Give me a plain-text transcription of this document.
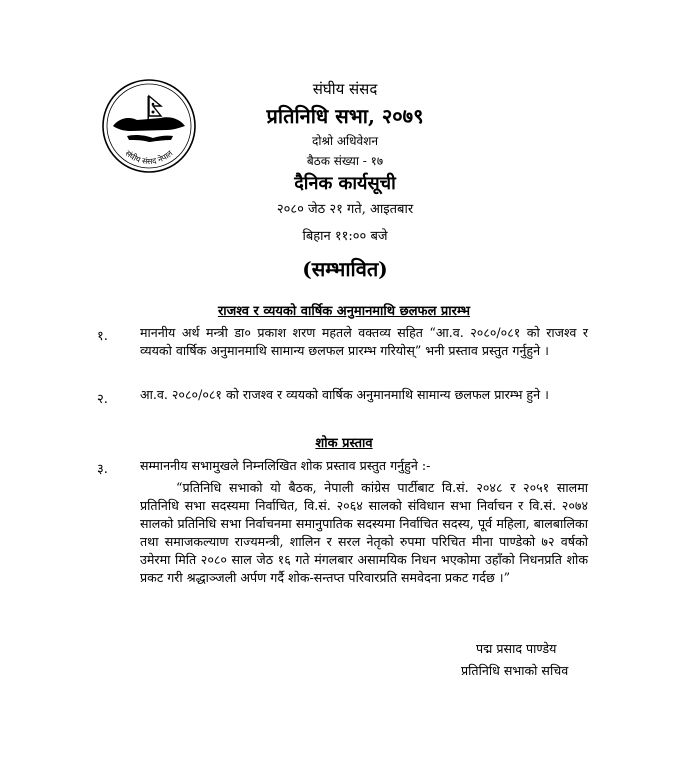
संघीय संसद नेपाल
संघीय संसद
प्रतिनिधि सभा, २०७९
दोश्रो अधिवेशन
बैठक संख्या - १७
दैनिक कार्यसूची
२०८० जेठ २१ गते, आइतबार
बिहान ११:०० बजे
(सम्भावित)
राजश्व र व्ययको वार्षिक अनुमानमाथि छलफल प्रारम्भ
१.	माननीय अर्थ मन्त्री डा० प्रकाश शरण महतले वक्तव्य सहित “आ.व. २०८०/०८१ को राजश्व र व्ययको वार्षिक अनुमानमाथि सामान्य छलफल प्रारम्भ गरियोस्” भनी प्रस्ताव प्रस्तुत गर्नुहुने ।

२.	आ.व. २०८०/०८१ को राजश्व र व्ययको वार्षिक अनुमानमाथि सामान्य छलफल प्रारम्भ हुने ।

शोक प्रस्ताव
३.	सम्माननीय सभामुखले निम्नलिखित शोक प्रस्ताव प्रस्तुत गर्नुहुने :-

“प्रतिनिधि सभाको यो बैठक, नेपाली कांग्रेस पार्टीबाट वि.सं. २०४८ र २०५१ सालमा प्रतिनिधि सभा सदस्यमा निर्वाचित, वि.सं. २०६४ सालको संविधान सभा निर्वाचन र वि.सं. २०७४ सालको प्रतिनिधि सभा निर्वाचनमा समानुपातिक सदस्यमा निर्वाचित सदस्य, पूर्व महिला, बालबालिका तथा समाजकल्याण राज्यमन्त्री, शालिन र सरल नेतृको रुपमा परिचित मीना पाण्डेको ७२ वर्षको उमेरमा मिति २०८० साल जेठ १६ गते मंगलबार असामयिक निधन भएकोमा उहाँको निधनप्रति शोक प्रकट गरी श्रद्धाञ्जली अर्पण गर्दै शोक-सन्तप्त परिवारप्रति समवेदना प्रकट गर्दछ ।”

पद्म प्रसाद पाण्डेय
प्रतिनिधि सभाको सचिव
